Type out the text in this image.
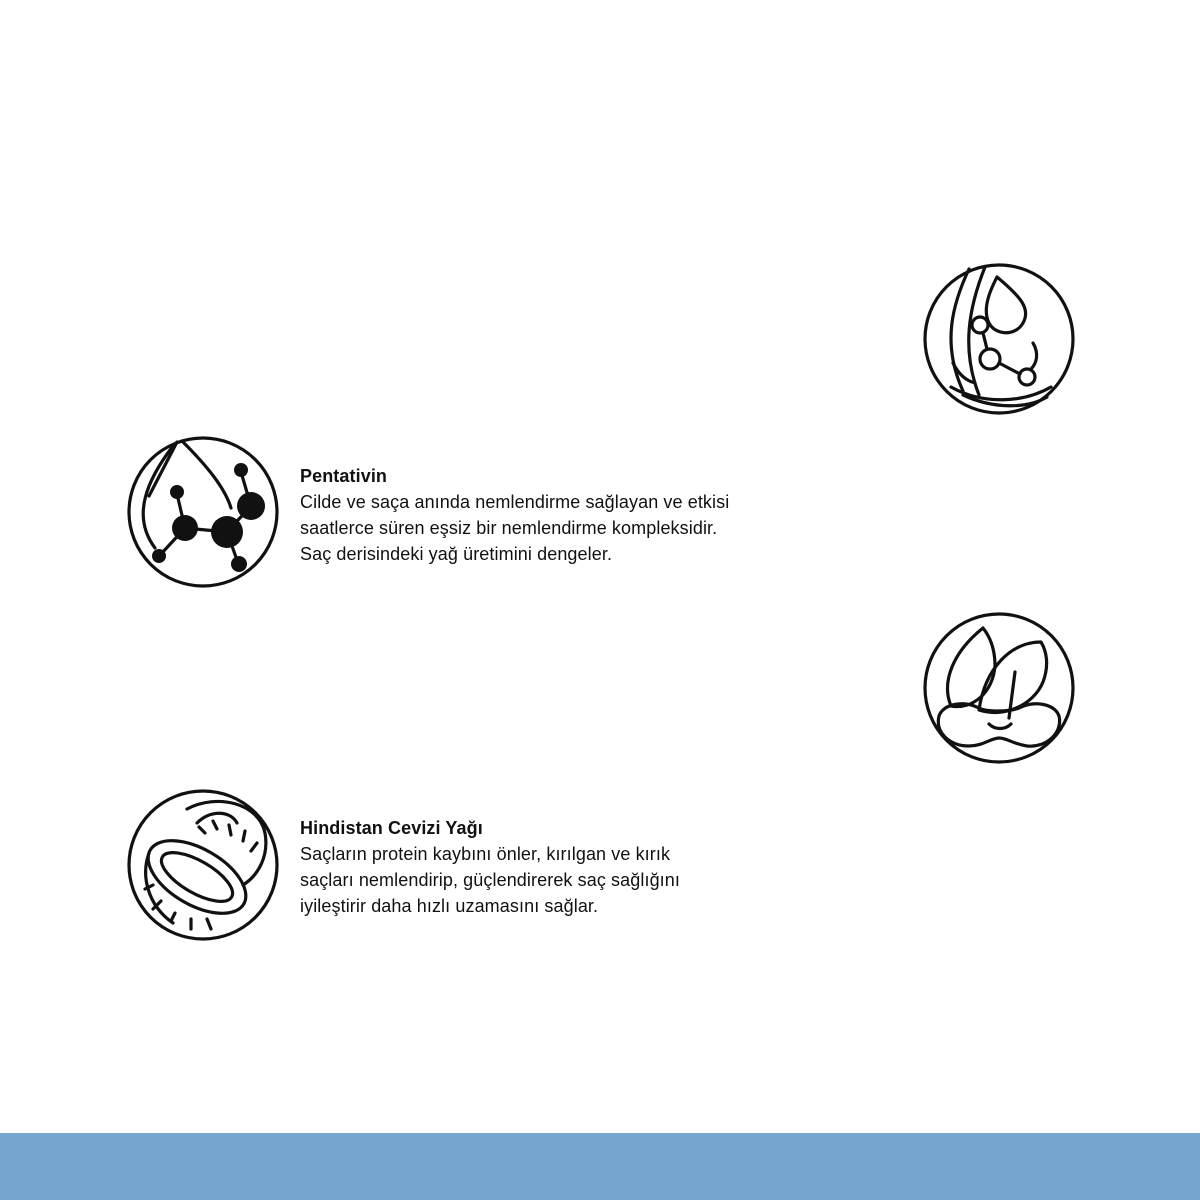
Pentativin
Cilde ve saça anında nemlendirme sağlayan ve etkisi
saatlerce süren eşsiz bir nemlendirme kompleksidir.
Saç derisindeki yağ üretimini dengeler.
Hindistan Cevizi Yağı
Saçların protein kaybını önler, kırılgan ve kırık
saçları nemlendirip, güçlendirerek saç sağlığını
iyileştirir daha hızlı uzamasını sağlar.
